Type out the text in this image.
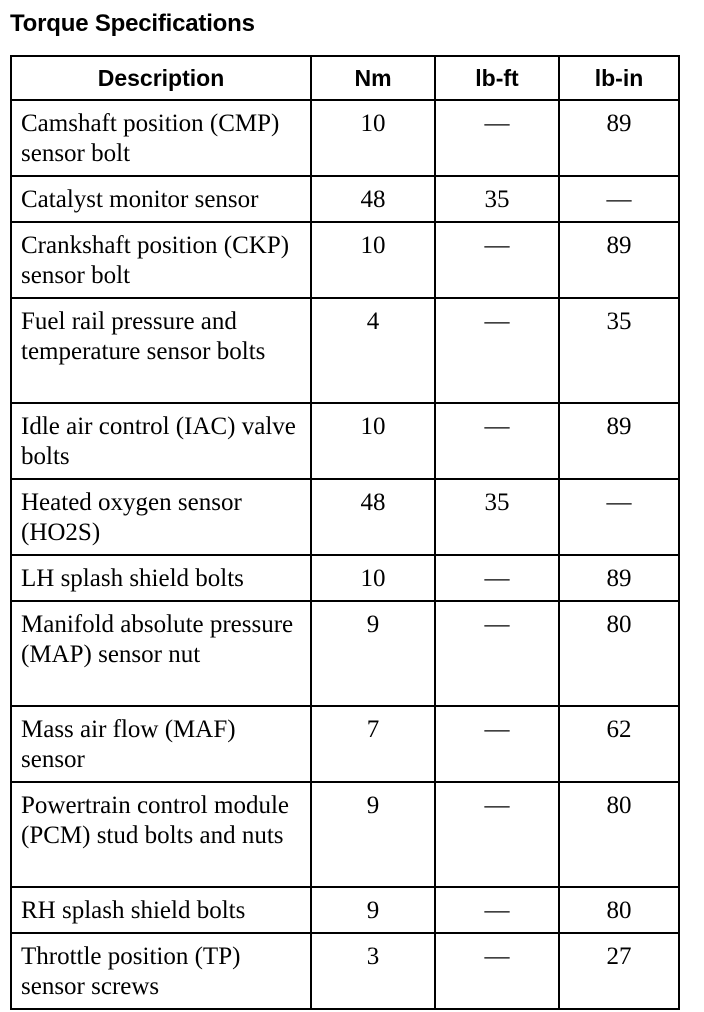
Torque Specifications
Description	Nm	lb-ft	lb-in
Camshaft position (CMP) sensor bolt	10	—	89
Catalyst monitor sensor	48	35	—
Crankshaft position (CKP) sensor bolt	10	—	89
Fuel rail pressure and temperature sensor bolts	4	—	35
Idle air control (IAC) valve bolts	10	—	89
Heated oxygen sensor (HO2S)	48	35	—
LH splash shield bolts	10	—	89
Manifold absolute pressure (MAP) sensor nut	9	—	80
Mass air flow (MAF) sensor	7	—	62
Powertrain control module (PCM) stud bolts and nuts	9	—	80
RH splash shield bolts	9	—	80
Throttle position (TP) sensor screws	3	—	27
